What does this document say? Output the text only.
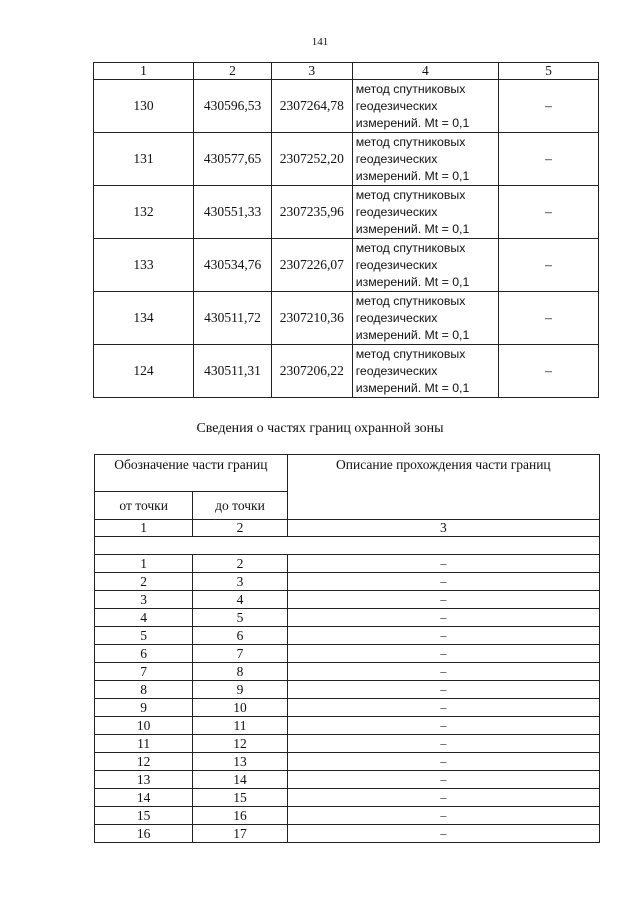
141
1	2	3	4	5
130	430596,53	2307264,78	метод спутниковых
геодезических
измерений. Mt = 0,1	–
131	430577,65	2307252,20	метод спутниковых
геодезических
измерений. Mt = 0,1	–
132	430551,33	2307235,96	метод спутниковых
геодезических
измерений. Mt = 0,1	–
133	430534,76	2307226,07	метод спутниковых
геодезических
измерений. Mt = 0,1	–
134	430511,72	2307210,36	метод спутниковых
геодезических
измерений. Mt = 0,1	–
124	430511,31	2307206,22	метод спутниковых
геодезических
измерений. Mt = 0,1	–
Сведения о частях границ охранной зоны
Обозначение части границ		Описание прохождения части границ
от точки	до точки	
1	2	3

1	2	–
2	3	–
3	4	–
4	5	–
5	6	–
6	7	–
7	8	–
8	9	–
9	10	–
10	11	–
11	12	–
12	13	–
13	14	–
14	15	–
15	16	–
16	17	–
